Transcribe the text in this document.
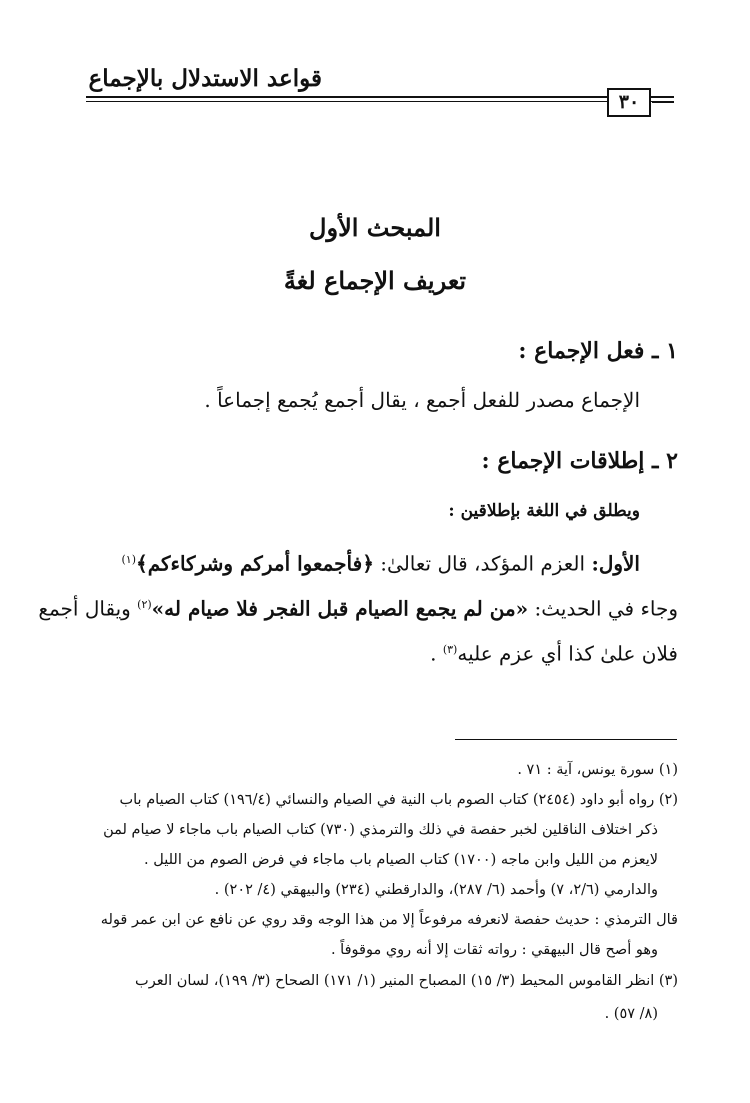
قواعد الاستدلال بالإجماع
٣٠
المبحث الأول
تعريف الإجماع لغةً
١ ـ فعل الإجماع :
الإجماع مصدر للفعل أجمع ، يقال أجمع يُجمع إجماعاً .
٢ ـ إطلاقات الإجماع :
ويطلق في اللغة بإطلاقين :
الأول: العزم المؤكد، قال تعالىٰ: ﴿فأجمعوا أمركم وشركاءكم﴾$^{(١)}$
وجاء في الحديث: «من لم يجمع الصيام قبل الفجر فلا صيام له»$^{(٢)}$ ويقال أجمع
فلان علىٰ كذا أي عزم عليه$^{(٣)}$ .
(١) سورة يونس، آية : ٧١ .
(٢) رواه أبو داود (٢٤٥٤) كتاب الصوم باب النية في الصيام والنسائي (١٩٦/٤) كتاب الصيام باب
ذكر اختلاف الناقلين لخبر حفصة في ذلك والترمذي (٧٣٠) كتاب الصيام باب ماجاء لا صيام لمن
لايعزم من الليل وابن ماجه (١٧٠٠) كتاب الصيام باب ماجاء في فرض الصوم من الليل .
والدارمي (٢/٦، ٧) وأحمد (٦/ ٢٨٧)، والدارقطني (٢٣٤) والبيهقي (٤/ ٢٠٢) .
قال الترمذي : حديث حفصة لانعرفه مرفوعاً إلا من هذا الوجه وقد روي عن نافع عن ابن عمر قوله
وهو أصح قال البيهقي : رواته ثقات إلا أنه روي موقوفاً .
(٣) انظر القاموس المحيط (٣/ ١٥) المصباح المنير (١/ ١٧١) الصحاح (٣/ ١٩٩)، لسان العرب
(٨/ ٥٧) .
